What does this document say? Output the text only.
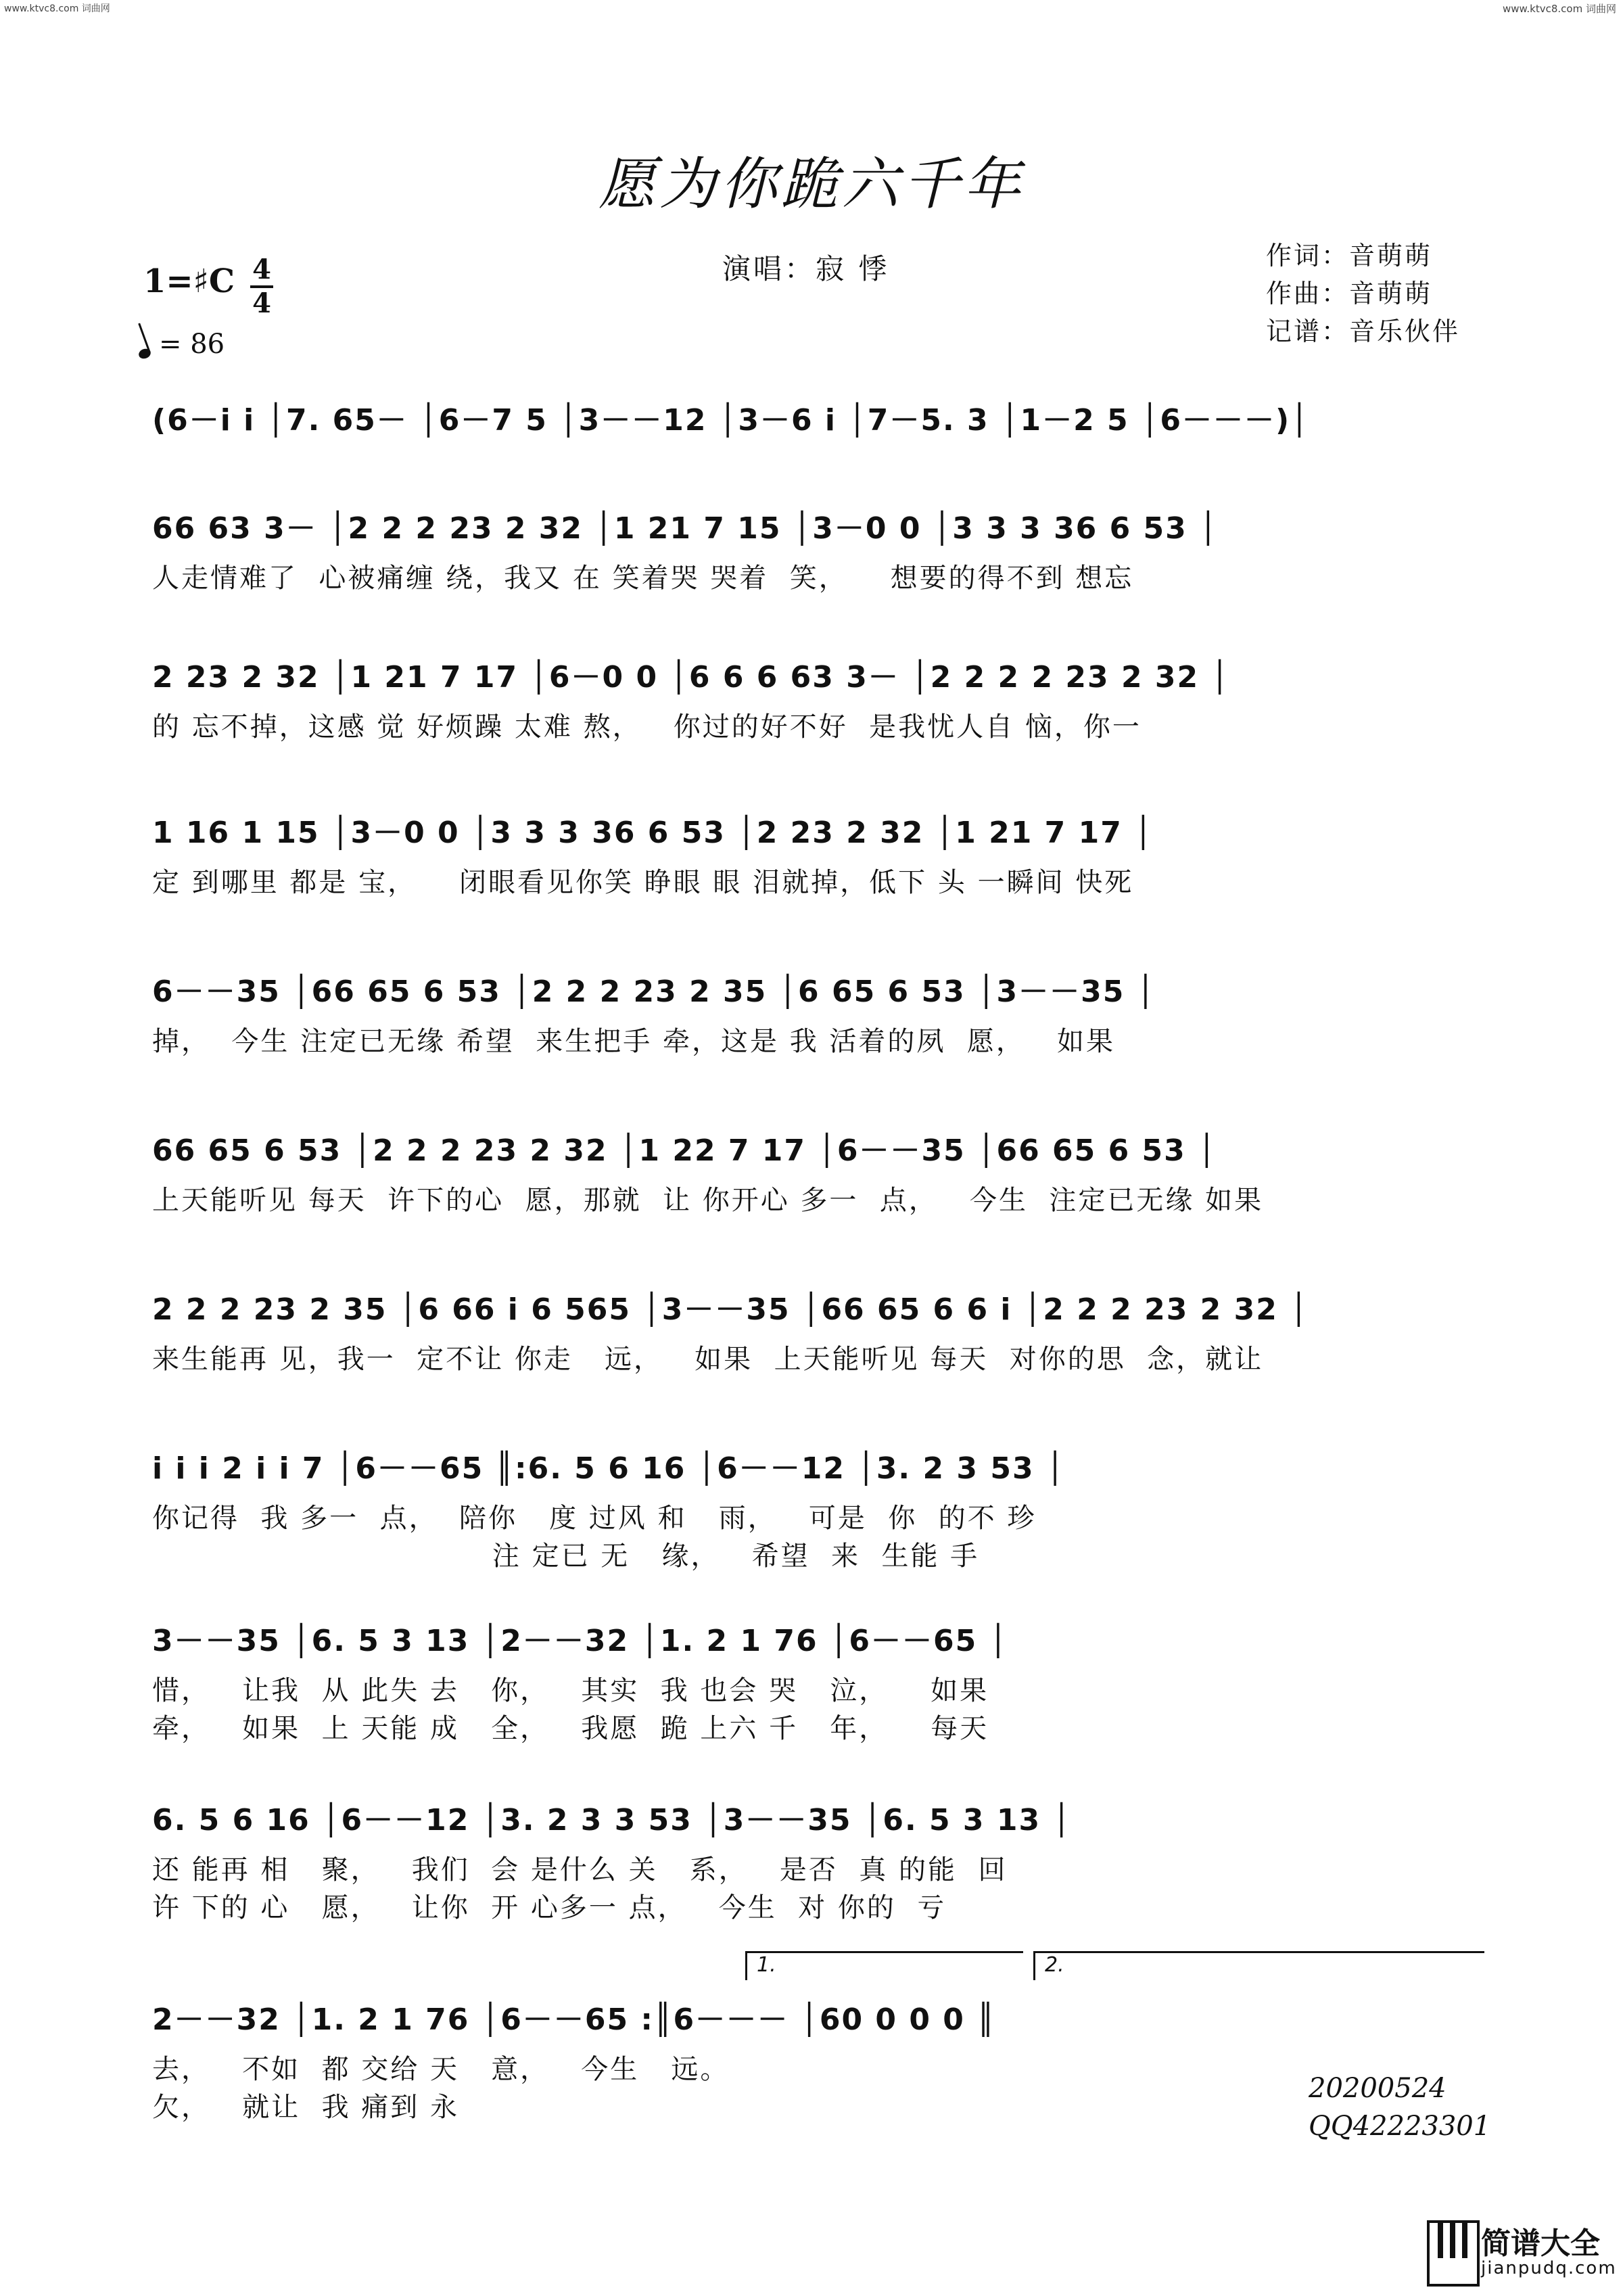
www.ktvc8.com 词曲网	www.ktvc8.com 词曲网
愿为你跪六千年
1=♯C 4
4
= 86
演唱：寂 悸	作词：音萌萌
作曲：音萌萌
记谱：音乐伙伴
(6－i i │7. 65－ │6－7 5 │3－－12 │3－6 i │7－5. 3 │1－2 5 │6－－－)│
66 63 3－ │2 2 2 23 2 32 │1 21 7 15 │3－0 0 │3 3 3 36 6 53 │
人走情难了  心被痛缠 绕，我又 在 笑着哭 哭着  笑，    想要的得不到 想忘
2 23 2 32 │1 21 7 17 │6－0 0 │6 6 6 63 3－ │2 2 2 2 23 2 32 │
的 忘不掉，这感 觉 好烦躁 太难 熬，   你过的好不好  是我忧人自 恼，你一
1 16 1 15 │3－0 0 │3 3 3 36 6 53 │2 23 2 32 │1 21 7 17 │
定 到哪里 都是 宝，    闭眼看见你笑 睁眼 眼 泪就掉，低下 头 一瞬间 快死
6－－35 │66 65 6 53 │2 2 2 23 2 35 │6 65 6 53 │3－－35 │
掉，  今生 注定已无缘 希望  来生把手 牵，这是 我 活着的夙  愿，   如果
66 65 6 53 │2 2 2 23 2 32 │1 22 7 17 │6－－35 │66 65 6 53 │
上天能听见 每天  许下的心  愿，那就  让 你开心 多一  点，   今生  注定已无缘 如果
2 2 2 23 2 35 │6 66 i 6 565 │3－－35 │66 65 6 6 i │2 2 2 23 2 32 │
来生能再 见，我一  定不让 你走   远，   如果  上天能听见 每天  对你的思  念，就让
i i i 2 i i 7 │6－－65 ║:6. 5 6 16 │6－－12 │3. 2 3 53 │
你记得  我 多一  点，  陪你   度 过风 和   雨，   可是  你  的不 珍
注 定已 无   缘，   希望  来  生能 手
3－－35 │6. 5 3 13 │2－－32 │1. 2 1 76 │6－－65 │
惜，   让我  从 此失 去   你，   其实  我 也会 哭   泣，    如果
牵，   如果  上 天能 成   全，   我愿  跪 上六 千   年，    每天
6. 5 6 16 │6－－12 │3. 2 3 3 53 │3－－35 │6. 5 3 13 │
还 能再 相   聚，   我们  会 是什么 关   系，   是否  真 的能  回
许 下的 心   愿，   让你  开 心多一 点，   今生  对 你的  亏
2－－32 │1. 2 1 76 │6－－65 :║6－－－ │60 0 0 0 ║
去，   不如  都 交给 天   意，   今生   远。
欠，   就让  我 痛到 永
1.	2.
20200524
QQ42223301
简谱大全
jianpudq.com
